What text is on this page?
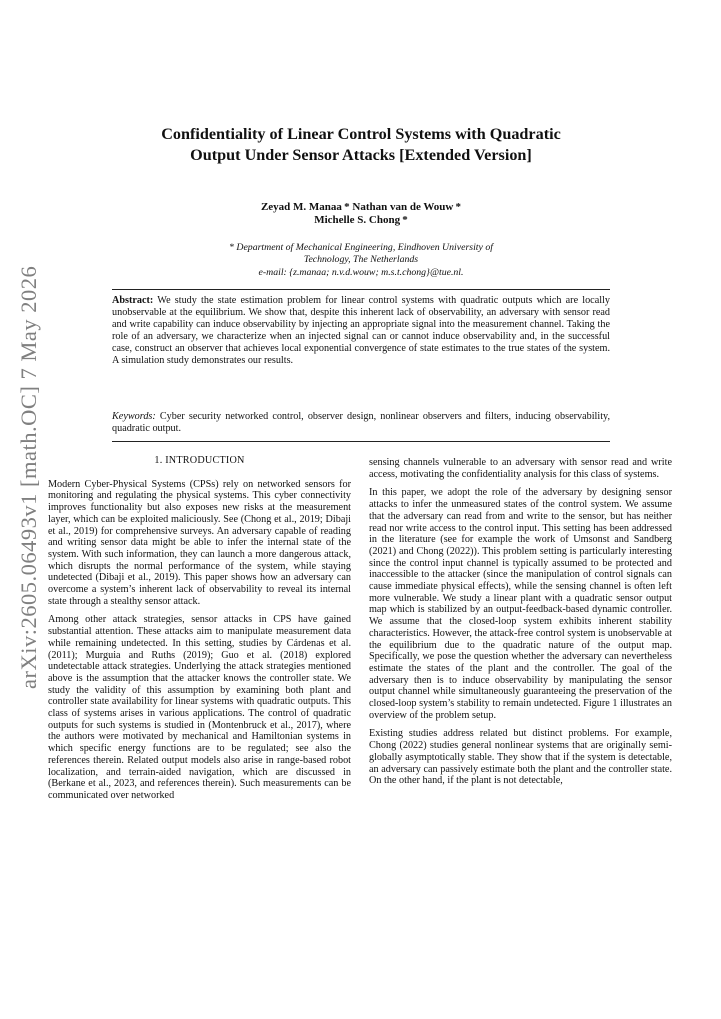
arXiv:2605.06493v1 [math.OC] 7 May 2026
Confidentiality of Linear Control Systems with Quadratic Output Under Sensor Attacks [Extended Version]
Zeyad M. Manaa * Nathan van de Wouw *
Michelle S. Chong *
* Department of Mechanical Engineering, Eindhoven University of
Technology, The Netherlands
e-mail: {z.manaa; n.v.d.wouw; m.s.t.chong}@tue.nl.
Abstract: We study the state estimation problem for linear control systems with quadratic outputs which are locally unobservable at the equilibrium. We show that, despite this inherent lack of observability, an adversary with sensor read and write capability can induce observability by injecting an appropriate signal into the measurement channel. Taking the role of an adversary, we characterize when an injected signal can or cannot induce observability and, in the successful case, construct an observer that achieves local exponential convergence of state estimates to the true states of the system. A simulation study demonstrates our results.
Keywords: Cyber security networked control, observer design, nonlinear observers and filters, inducing observability, quadratic output.
1. INTRODUCTION

Modern Cyber-Physical Systems (CPSs) rely on networked sensors for monitoring and regulating the physical systems. This cyber connectivity improves functionality but also exposes new risks at the measurement layer, which can be exploited maliciously. See (Chong et al., 2019; Dibaji et al., 2019) for comprehensive surveys. An adversary capable of reading and writing sensor data might be able to infer the internal state of the system. With such information, they can launch a more dangerous attack, which disrupts the normal performance of the system, while staying undetected (Dibaji et al., 2019). This paper shows how an adversary can overcome a system’s inherent lack of observability to reveal its internal state through a stealthy sensor attack.

Among other attack strategies, sensor attacks in CPS have gained substantial attention. These attacks aim to manipulate measurement data while remaining undetected. In this setting, studies by Cárdenas et al. (2011); Murguia and Ruths (2019); Guo et al. (2018) explored undetectable attack strategies. Underlying the attack strategies mentioned above is the assumption that the attacker knows the controller state. We study the validity of this assumption by examining both plant and controller state availability for linear systems with quadratic outputs. This class of systems arises in various applications. The control of quadratic outputs for such systems is studied in (Montenbruck et al., 2017), where the authors were motivated by mechanical and Hamiltonian systems in which specific energy functions are to be regulated; see also the references therein. Related output models also arise in range-based robot localization, and terrain-aided navigation, which are discussed in (Berkane et al., 2023, and references therein). Such measurements can be communicated over networked

sensing channels vulnerable to an adversary with sensor read and write access, motivating the confidentiality analysis for this class of systems.

In this paper, we adopt the role of the adversary by designing sensor attacks to infer the unmeasured states of the control system. We assume that the adversary can read from and write to the sensor, but has neither read nor write access to the control input. This setting has been addressed in the literature (see for example the work of Umsonst and Sandberg (2021) and Chong (2022)). This problem setting is particularly interesting since the control input channel is typically assumed to be protected and inaccessible to the attacker (since the manipulation of control signals can cause immediate physical effects), while the sensing channel is often left more vulnerable. We study a linear plant with a quadratic sensor output map which is stabilized by an output-feedback-based dynamic controller. We assume that the closed-loop system exhibits inherent stability characteristics. However, the attack-free control system is unobservable at the equilibrium due to the quadratic nature of the output map. Specifically, we pose the question whether the adversary can nevertheless estimate the states of the plant and the controller. The goal of the adversary then is to induce observability by manipulating the sensor output channel while simultaneously guaranteeing the preservation of the closed-loop system’s stability to remain undetected. Figure 1 illustrates an overview of the problem setup.

Existing studies address related but distinct problems. For example, Chong (2022) studies general nonlinear systems that are originally semi-globally asymptotically stable. They show that if the system is detectable, an adversary can passively estimate both the plant and the controller state. On the other hand, if the plant is not detectable,
